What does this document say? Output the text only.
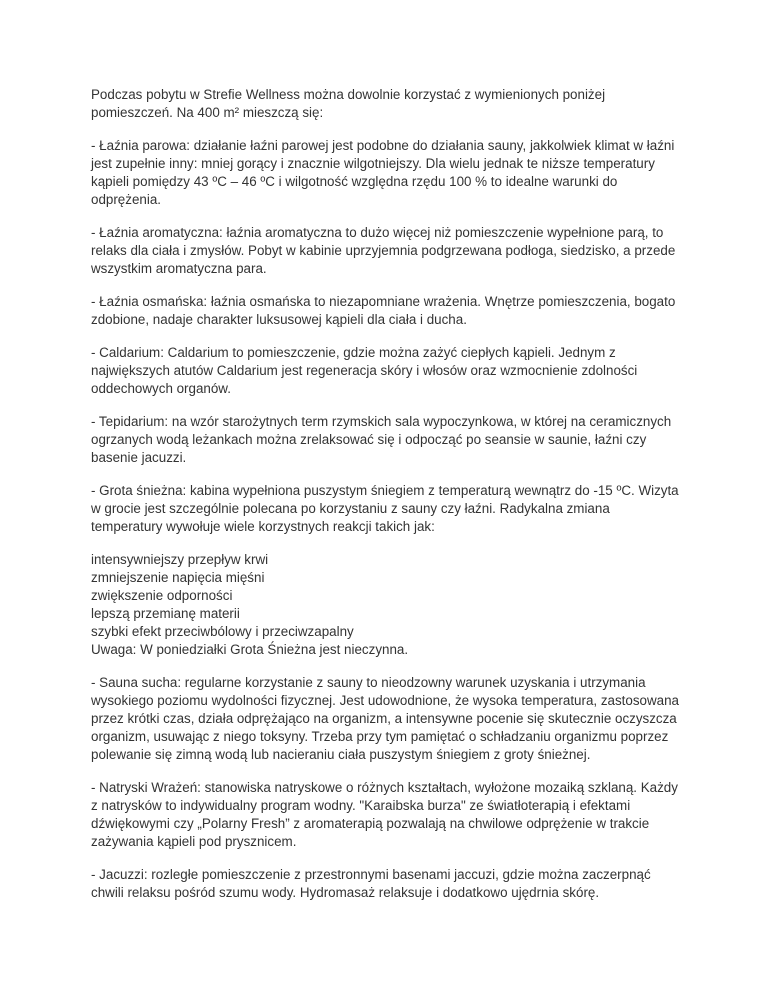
Podczas pobytu w Strefie Wellness można dowolnie korzystać z wymienionych poniżej pomieszczeń. Na 400 m² mieszczą się:

- Łaźnia parowa: działanie łaźni parowej jest podobne do działania sauny, jakkolwiek klimat w łaźni jest zupełnie inny: mniej gorący i znacznie wilgotniejszy. Dla wielu jednak te niższe temperatury kąpieli pomiędzy 43 ºC – 46 ºC i wilgotność względna rzędu 100 % to idealne warunki do odprężenia.

- Łaźnia aromatyczna: łaźnia aromatyczna to dużo więcej niż pomieszczenie wypełnione parą, to relaks dla ciała i zmysłów. Pobyt w kabinie uprzyjemnia podgrzewana podłoga, siedzisko, a przede wszystkim aromatyczna para.

- Łaźnia osmańska: łaźnia osmańska to niezapomniane wrażenia. Wnętrze pomieszczenia, bogato zdobione, nadaje charakter luksusowej kąpieli dla ciała i ducha.

- Caldarium: Caldarium to pomieszczenie, gdzie można zażyć ciepłych kąpieli. Jednym z największych atutów Caldarium jest regeneracja skóry i włosów oraz wzmocnienie zdolności oddechowych organów.

- Tepidarium: na wzór starożytnych term rzymskich sala wypoczynkowa, w której na ceramicznych ogrzanych wodą leżankach można zrelaksować się i odpocząć po seansie w saunie, łaźni czy basenie jacuzzi.

- Grota śnieżna: kabina wypełniona puszystym śniegiem z temperaturą wewnątrz do -15 ºC. Wizyta w grocie jest szczególnie polecana po korzystaniu z sauny czy łaźni. Radykalna zmiana temperatury wywołuje wiele korzystnych reakcji takich jak:

intensywniejszy przepływ krwi
zmniejszenie napięcia mięśni
zwiększenie odporności
lepszą przemianę materii
szybki efekt przeciwbólowy i przeciwzapalny
Uwaga: W poniedziałki Grota Śnieżna jest nieczynna.

- Sauna sucha: regularne korzystanie z sauny to nieodzowny warunek uzyskania i utrzymania wysokiego poziomu wydolności fizycznej. Jest udowodnione, że wysoka temperatura, zastosowana przez krótki czas, działa odprężająco na organizm, a intensywne pocenie się skutecznie oczyszcza organizm, usuwając z niego toksyny. Trzeba przy tym pamiętać o schładzaniu organizmu poprzez polewanie się zimną wodą lub nacieraniu ciała puszystym śniegiem z groty śnieżnej.

- Natryski Wrażeń: stanowiska natryskowe o różnych kształtach, wyłożone mozaiką szklaną. Każdy z natrysków to indywidualny program wodny. "Karaibska burza" ze światłoterapią i efektami dźwiękowymi czy „Polarny Fresh” z aromaterapią pozwalają na chwilowe odprężenie w trakcie zażywania kąpieli pod prysznicem.

- Jacuzzi: rozległe pomieszczenie z przestronnymi basenami jaccuzi, gdzie można zaczerpnąć chwili relaksu pośród szumu wody. Hydromasaż relaksuje i dodatkowo ujędrnia skórę.
